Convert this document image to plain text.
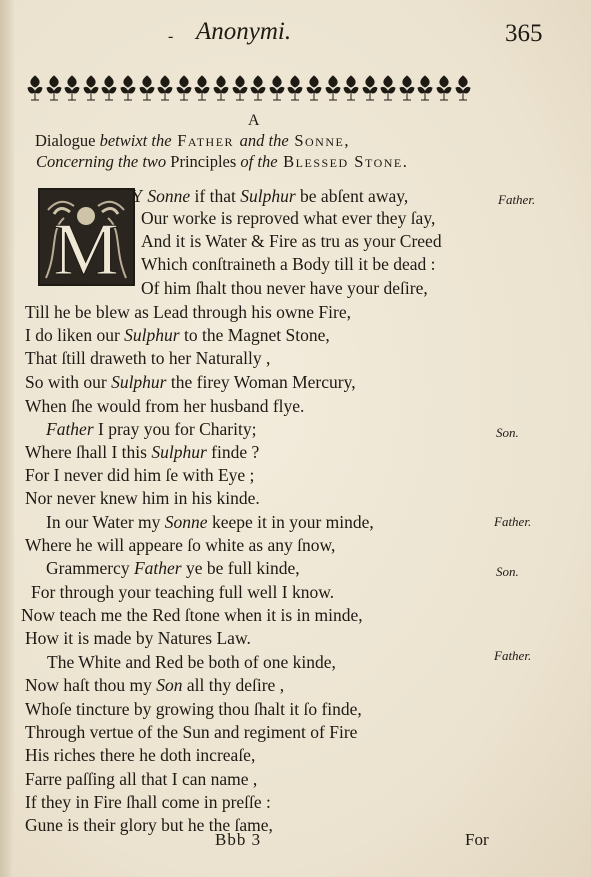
- Anonymi.	365
A
Dialogue betwixt the Father and the Sonne,
Concerning the two Principles of the Blessed Stone.
M
Y Sonne if that Sulphur be abſent away,
Our worke is reproved what ever they ſay,
And it is Water & Fire as tru as your Creed
Which conſtraineth a Body till it be dead :
Of him ſhalt thou never have your deſire,
Till he be blew as Lead through his owne Fire,
I do liken our Sulphur to the Magnet Stone,
That ſtill draweth to her Naturally ,
So with our Sulphur the firey Woman Mercury,
When ſhe would from her husband flye.
Father I pray you for Charity;
Where ſhall I this Sulphur finde ?
For I never did him ſe with Eye ;
Nor never knew him in his kinde.
In our Water my Sonne keepe it in your minde,
Where he will appeare ſo white as any ſnow,
Grammercy Father ye be full kinde,
For through your teaching full well I know.
Now teach me the Red ſtone when it is in minde,
How it is made by Natures Law.
The White and Red be both of one kinde,
Now haſt thou my Son all thy deſire ,
Whoſe tincture by growing thou ſhalt it ſo finde,
Through vertue of the Sun and regiment of Fire
His riches there he doth increaſe,
Farre paſſing all that I can name ,
If they in Fire ſhall come in preſſe :
Gune is their glory but he the ſame,
Father.
Son.
Father.
Son.
Father.
Bbb 3	For
